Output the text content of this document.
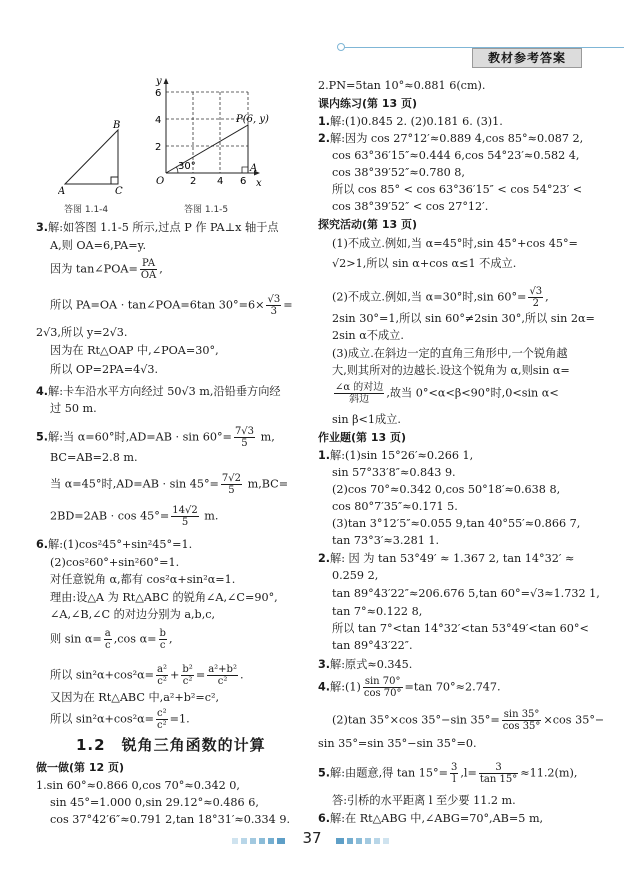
教材参考答案
A
B
C
答图 1.1-4
y
x
O
6
4
2
2 4 6
30°
P(6, y)
A
答图 1.1-5
3.解:如答图 1.1-5 所示,过点 P 作 PA⊥x 轴于点
A,则 OA=6,PA=y.
因为 tan∠POA= $\frac{PA}{OA}$ ,
所以 PA=OA · tan∠POA=6tan $30^\circ=6\times \frac{√3}{3}$ =
2√3,所以 y=2√3.
因为在 Rt△OAP 中,∠POA=30°,
所以 OP=2PA=4√3.
4.解:卡车沿水平方向经过 50√3 m,沿铅垂方向经
过 50 m.
5.解:当 α=60°时$,AD=AB \cdot \sin 60^\circ= \frac{7√3}{5} m$,
BC=AB=2.8 m.
当 α=45°时$,AD=AB \cdot \sin 45^\circ= \frac{7√2}{5} m,BC=$
$2BD=2AB \cdot \cos 45^\circ= \frac{14√2}{5} m$.
6.解:(1)cos²45°+sin²45°=1.
(2)cos²60°+sin²60°=1.
对任意锐角 α,都有 cos²α+sin²α=1.
理由:设△A 为 Rt△ABC 的锐角∠A,∠C=90°,
∠A,∠B,∠C 的对边分别为 a,b,c,
则 $\sin \alpha= \frac{a}{c} ,\cos$ $\alpha= \frac{b}{c}$ ,
所以 $\sin^2\alpha+\cos^2\alpha= \frac{\text{a²}}{\text{c²}} + \frac{\text{b²}}{\text{c²}} = \frac{\text{a²+b²}}{\text{c²}}$ .
又因为在 Rt△ABC 中,a²+b²=c²,
所以 $\sin^2\alpha+\cos^2\alpha= \frac{\text{c²}}{\text{c²}} =1$.
1.2　锐角三角函数的计算
做一做(第 12 页)
1.sin 60°≈0.866 0,cos 70°≈0.342 0,
sin 45°=1.000 0,sin 29.12°≈0.486 6,
cos 37°42′6″≈0.791 2,tan 18°31′≈0.334 9.
2.PN=5tan 10°≈0.881 6(cm).
课内练习(第 13 页)
1.解:(1)0.845 2. (2)0.181 6. (3)1.
2.解:因为 cos 27°12′≈0.889 4,cos 85°≈0.087 2,
cos 63°36′15″≈0.444 6,cos 54°23′≈0.582 4,
cos 38°39′52″≈0.780 8,
所以 cos 85° < cos 63°36′15″ < cos 54°23′ <
cos 38°39′52″ < cos 27°12′.
探究活动(第 13 页)
(1)不成立.例如,当 α=45°时,sin 45°+cos 45°=
√2>1,所以 sin α+cos α≤1 不成立.
(2)不成立.例如,当 α=30°时,sin $60^\circ= \frac{√3}{2}$ ,
2sin 30°=1,所以 sin 60°≠2sin 30°,所以 sin 2α=
2sin α不成立.
(3)成立.在斜边一定的直角三角形中,一个锐角越
大,则其所对的边越长.设这个锐角为 α,则sin α=
$\frac{\text{∠α 的对边}}{\text{斜边}}$ ,故当 0°<α<β<90°时,0<sin α<
sin β<1成立.
作业题(第 13 页)
1.解:(1)sin 15°26′≈0.266 1,
sin 57°33′8″≈0.843 9.
(2)cos 70°≈0.342 0,cos 50°18′≈0.638 8,
cos 80°7′35″≈0.171 5.
(3)tan 3°12′5″≈0.055 9,tan 40°55′≈0.866 7,
tan 73°3′≈3.281 1.
2.解: 因 为 tan 53°49′ ≈ 1.367 2, tan 14°32′ ≈
0.259 2,
tan 89°43′22″≈206.676 5,tan 60°=√3≈1.732 1,
tan 7°≈0.122 8,
所以 tan 7°<tan 14°32′<tan 53°49′<tan 60°<
tan 89°43′22″.
3.解:原式≈0.345.
4.解:(1) $\frac{\sin 70^\circ}{\cos 70^\circ} =\tan$ 70°≈2.747.
(2)tan 35°×cos 35°−sin $35^\circ= \frac{\sin 35^\circ}{\cos 35^\circ} \times\cos$ 35°−
sin 35°=sin 35°−sin 35°=0.
5.解:由题意,得 $\tan 15^\circ= \frac{3}{l} ,l= \frac{3}{\tan 15^\circ} \approx 11.2(m)$,
答:引桥的水平距离 l 至少要 11.2 m.
6.解:在 Rt△ABG 中,∠ABG=70°,AB=5 m,
37
